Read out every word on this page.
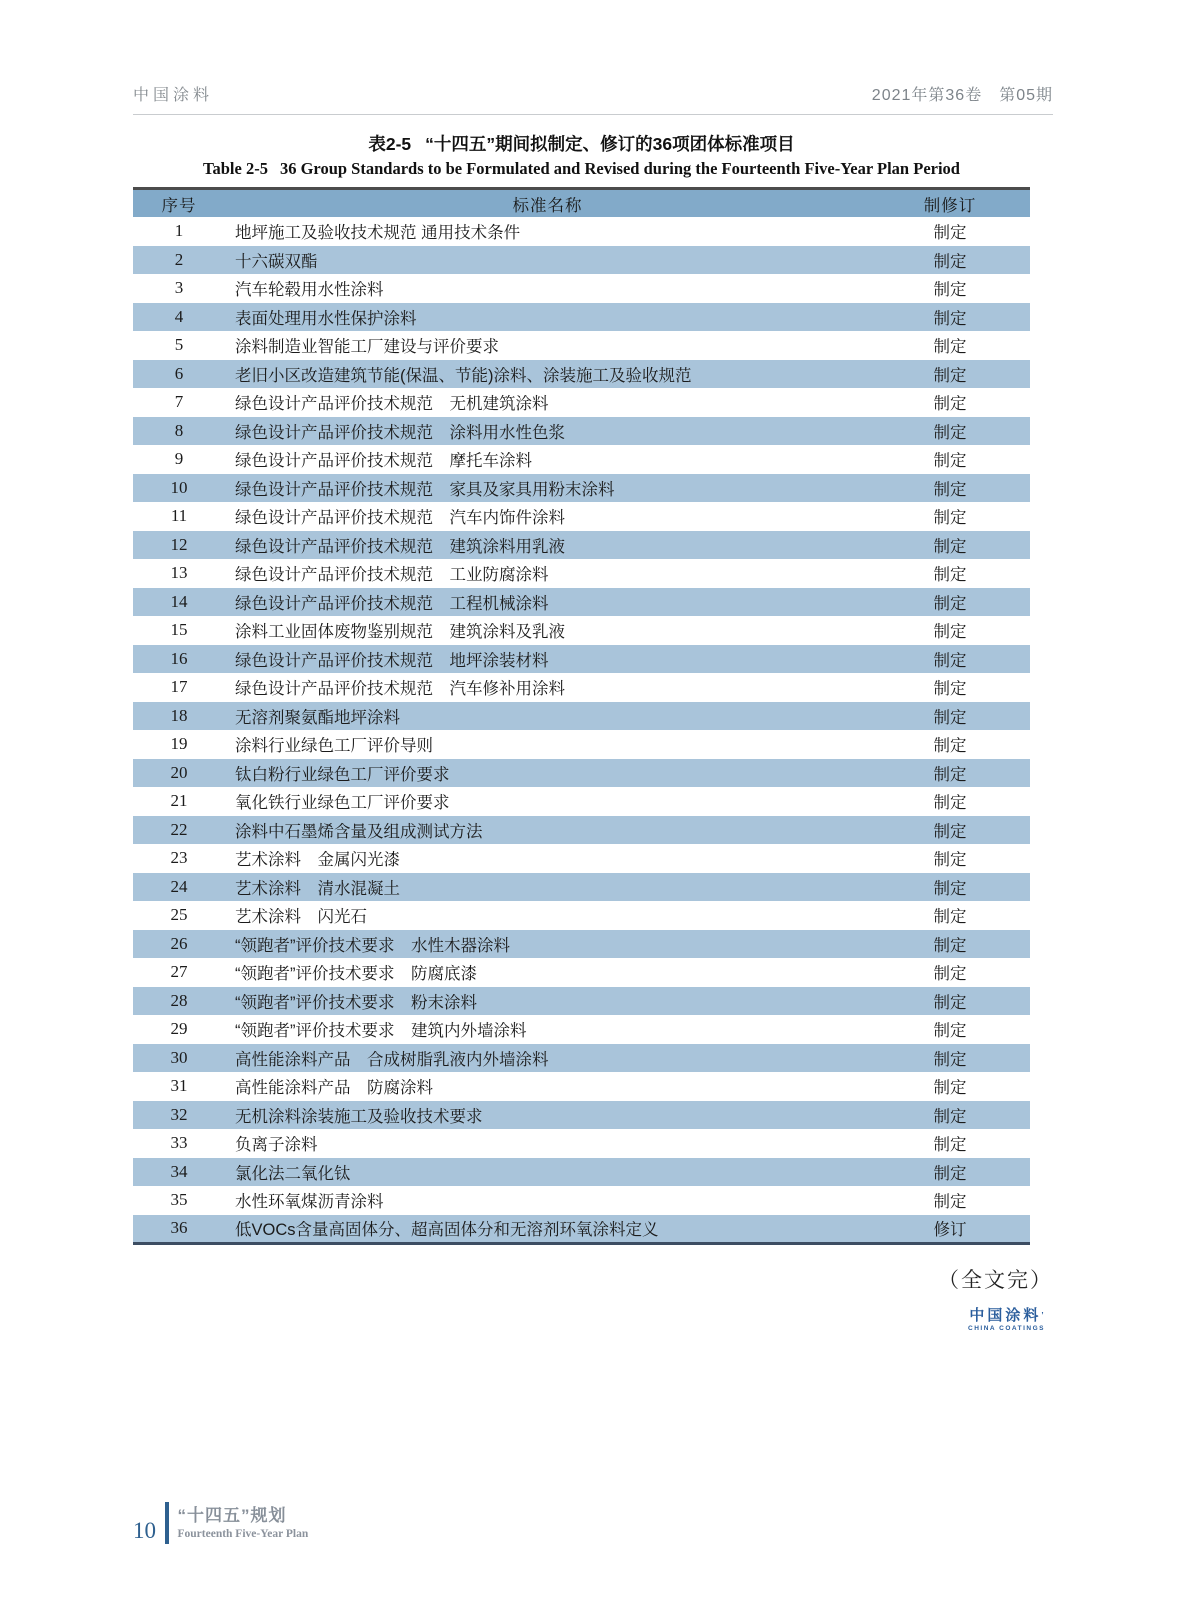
中国涂料	2021年第36卷　第05期
表2-5 “十四五”期间拟制定、修订的36项团体标准项目
Table 2-5 36 Group Standards to be Formulated and Revised during the Fourteenth Five-Year Plan Period
序号	标准名称	制修订
1	地坪施工及验收技术规范 通用技术条件	制定
2	十六碳双酯	制定
3	汽车轮毂用水性涂料	制定
4	表面处理用水性保护涂料	制定
5	涂料制造业智能工厂建设与评价要求	制定
6	老旧小区改造建筑节能(保温、节能)涂料、涂装施工及验收规范	制定
7	绿色设计产品评价技术规范　无机建筑涂料	制定
8	绿色设计产品评价技术规范　涂料用水性色浆	制定
9	绿色设计产品评价技术规范　摩托车涂料	制定
10	绿色设计产品评价技术规范　家具及家具用粉末涂料	制定
11	绿色设计产品评价技术规范　汽车内饰件涂料	制定
12	绿色设计产品评价技术规范　建筑涂料用乳液	制定
13	绿色设计产品评价技术规范　工业防腐涂料	制定
14	绿色设计产品评价技术规范　工程机械涂料	制定
15	涂料工业固体废物鉴别规范　建筑涂料及乳液	制定
16	绿色设计产品评价技术规范　地坪涂装材料	制定
17	绿色设计产品评价技术规范　汽车修补用涂料	制定
18	无溶剂聚氨酯地坪涂料	制定
19	涂料行业绿色工厂评价导则	制定
20	钛白粉行业绿色工厂评价要求	制定
21	氧化铁行业绿色工厂评价要求	制定
22	涂料中石墨烯含量及组成测试方法	制定
23	艺术涂料　金属闪光漆	制定
24	艺术涂料　清水混凝土	制定
25	艺术涂料　闪光石	制定
26	“领跑者”评价技术要求　水性木器涂料	制定
27	“领跑者”评价技术要求　防腐底漆	制定
28	“领跑者”评价技术要求　粉末涂料	制定
29	“领跑者”评价技术要求　建筑内外墙涂料	制定
30	高性能涂料产品　合成树脂乳液内外墙涂料	制定
31	高性能涂料产品　防腐涂料	制定
32	无机涂料涂装施工及验收技术要求	制定
33	负离子涂料	制定
34	氯化法二氧化钛	制定
35	水性环氧煤沥青涂料	制定
36	低VOCs含量高固体分、超高固体分和无溶剂环氧涂料定义	修订
（全文完）
中国涂料’
CHINA COATINGS
10
“十四五”规划
Fourteenth Five-Year Plan
